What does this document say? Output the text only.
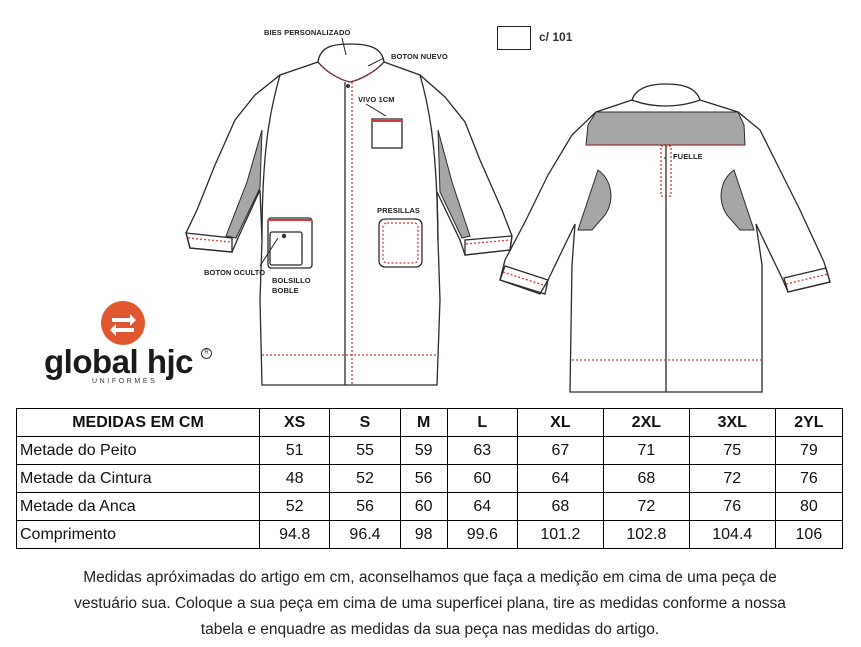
c/ 101
BIES PERSONALIZADO
BOTON NUEVO
VIVO 1CM
PRESILLAS
BOTON OCULTO
BOLSILLO
BOBLE
FUELLE
global hjc	R
UNIFORMES
MEDIDAS EM CM	XS	S	M	L	XL	2XL	3XL	2YL
Metade do Peito	51	55	59	63	67	71	75	79
Metade da Cintura	48	52	56	60	64	68	72	76
Metade da Anca	52	56	60	64	68	72	76	80
Comprimento	94.8	96.4	98	99.6	101.2	102.8	104.4	106
Medidas apróximadas do artigo em cm, aconselhamos que faça a medição em cima de uma peça de
vestuário sua. Coloque a sua peça em cima de uma superficei plana, tire as medidas conforme a nossa
tabela e enquadre as medidas da sua peça nas medidas do artigo.
